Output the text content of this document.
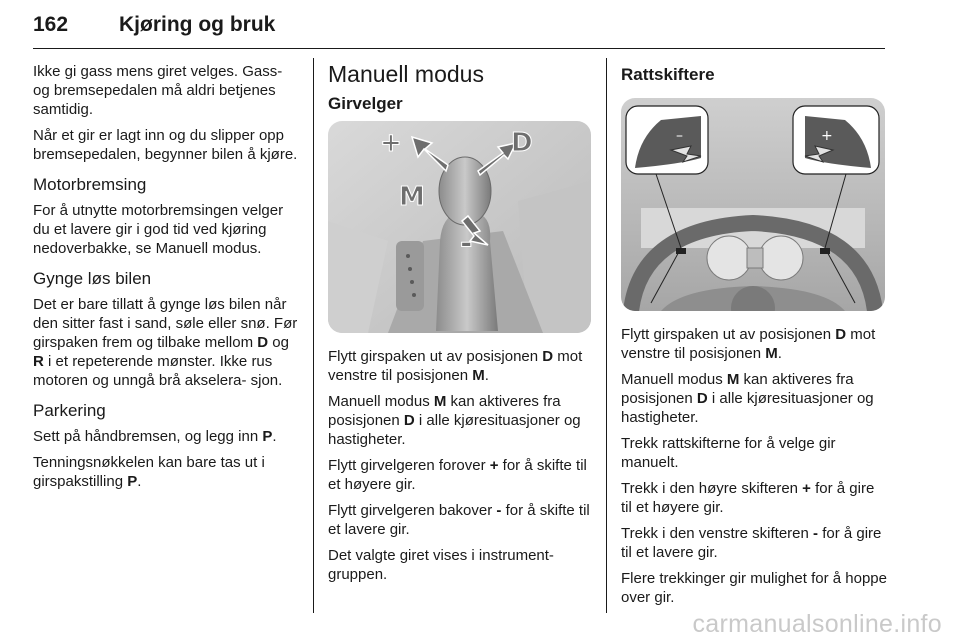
162 Kjøring og bruk

Ikke gi gass mens giret velges. Gass- og bremsepedalen må aldri betjenes samtidig.

Når et gir er lagt inn og du slipper opp bremsepedalen, begynner bilen å kjøre.

Motorbremsing

For å utnytte motorbremsingen velger du et lavere gir i god tid ved kjøring nedoverbakke, se Manuell modus.

Gynge løs bilen

Det er bare tillatt å gynge løs bilen når den sitter fast i sand, søle eller snø. Før girspaken frem og tilbake mellom D og R i et repeterende mønster. Ikke rus motoren og unngå brå akselera- sjon.

Parkering

Sett på håndbremsen, og legg inn P.

Tenningsnøkkelen kan bare tas ut i girspakstilling P.

Manuell modus
Girvelger
D
M
+
-

Flytt girspaken ut av posisjonen D mot venstre til posisjonen M.

Manuell modus M kan aktiveres fra posisjonen D i alle kjøresituasjoner og hastigheter.

Flytt girvelgeren forover + for å skifte til et høyere gir.

Flytt girvelgeren bakover - for å skifte til et lavere gir.

Det valgte giret vises i instrument- gruppen.

Rattskiftere
–	+

Flytt girspaken ut av posisjonen D mot venstre til posisjonen M.

Manuell modus M kan aktiveres fra posisjonen D i alle kjøresituasjoner og hastigheter.

Trekk rattskifterne for å velge gir manuelt.

Trekk i den høyre skifteren + for å gire til et høyere gir.

Trekk i den venstre skifteren - for å gire til et lavere gir.

Flere trekkinger gir mulighet for å hoppe over gir.

carmanualsonline.info
